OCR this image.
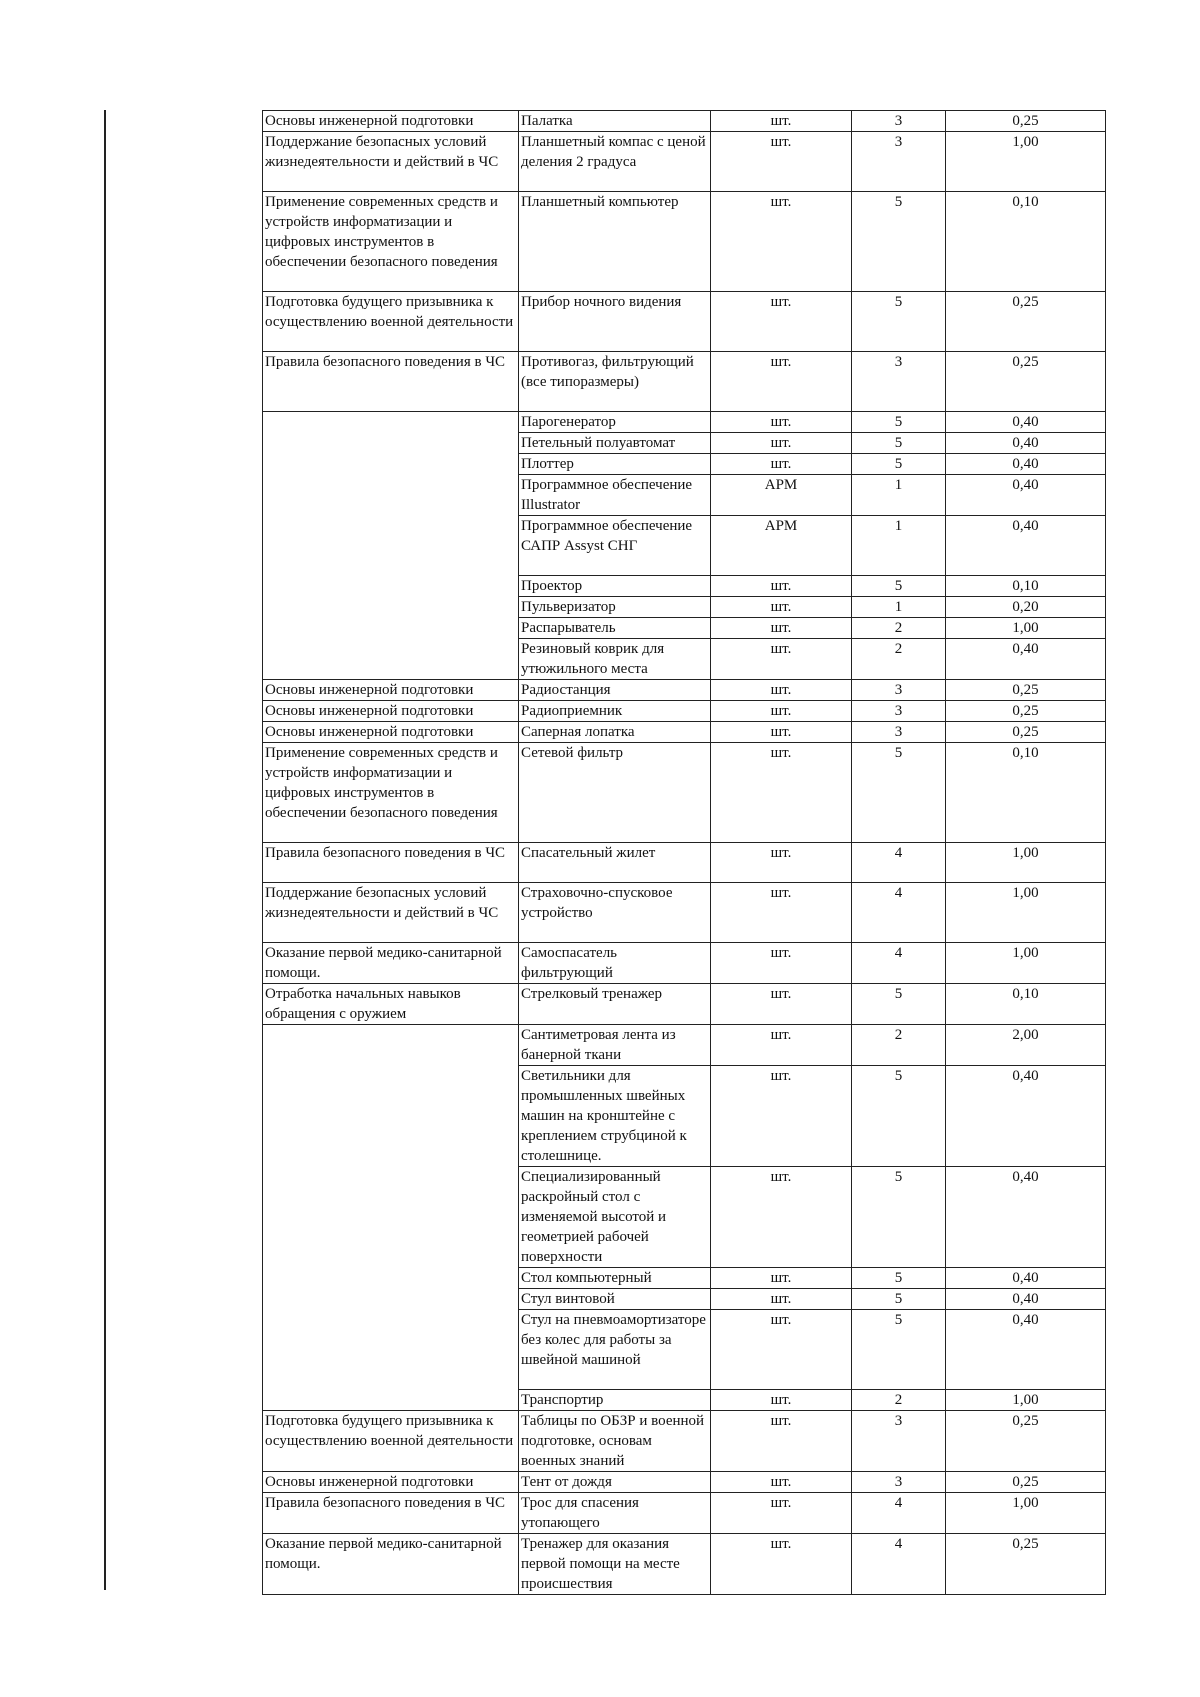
Основы инженерной подготовки	Палатка	шт.	3	0,25
Поддержание безопасных условий жизнедеятельности и действий в ЧС	Планшетный компас с ценой деления 2 градуса	шт.	3	1,00
Применение современных средств и устройств информатизации и цифровых инструментов в обеспечении безопасного поведения	Планшетный компьютер	шт.	5	0,10
Подготовка будущего призывника к осуществлению военной деятельности	Прибор ночного видения	шт.	5	0,25
Правила безопасного поведения в ЧС	Противогаз, фильтрующий (все типоразмеры)	шт.	3	0,25
	Парогенератор	шт.	5	0,40
	Петельный полуавтомат	шт.	5	0,40
	Плоттер	шт.	5	0,40
	Программное обеспечение Illustrator	АРМ	1	0,40
	Программное обеспечение САПР Assyst СНГ	АРМ	1	0,40
	Проектор	шт.	5	0,10
	Пульверизатор	шт.	1	0,20
	Распарыватель	шт.	2	1,00
	Резиновый коврик для утюжильного места	шт.	2	0,40
Основы инженерной подготовки	Радиостанция	шт.	3	0,25
Основы инженерной подготовки	Радиоприемник	шт.	3	0,25
Основы инженерной подготовки	Саперная лопатка	шт.	3	0,25
Применение современных средств и устройств информатизации и цифровых инструментов в обеспечении безопасного поведения	Сетевой фильтр	шт.	5	0,10
Правила безопасного поведения в ЧС	Спасательный жилет	шт.	4	1,00
Поддержание безопасных условий жизнедеятельности и действий в ЧС	Страховочно-спусковое устройство	шт.	4	1,00
Оказание первой медико-санитарной помощи.	Самоспасатель фильтрующий	шт.	4	1,00
Отработка начальных навыков обращения с оружием	Стрелковый тренажер	шт.	5	0,10
	Сантиметровая лента из банерной ткани	шт.	2	2,00
	Светильники для промышленных швейных машин на кронштейне с креплением струбциной к столешнице.	шт.	5	0,40
	Специализированный раскройный стол с изменяемой высотой и геометрией рабочей поверхности	шт.	5	0,40
	Стол компьютерный	шт.	5	0,40
	Стул винтовой	шт.	5	0,40
	Стул на пневмоамортизаторе без колес для работы за швейной машиной	шт.	5	0,40
	Транспортир	шт.	2	1,00
Подготовка будущего призывника к осуществлению военной деятельности	Таблицы по ОБЗР и военной подготовке, основам военных знаний	шт.	3	0,25
Основы инженерной подготовки	Тент от дождя	шт.	3	0,25
Правила безопасного поведения в ЧС	Трос для спасения утопающего	шт.	4	1,00
Оказание первой медико-санитарной помощи.	Тренажер для оказания первой помощи на месте происшествия	шт.	4	0,25
